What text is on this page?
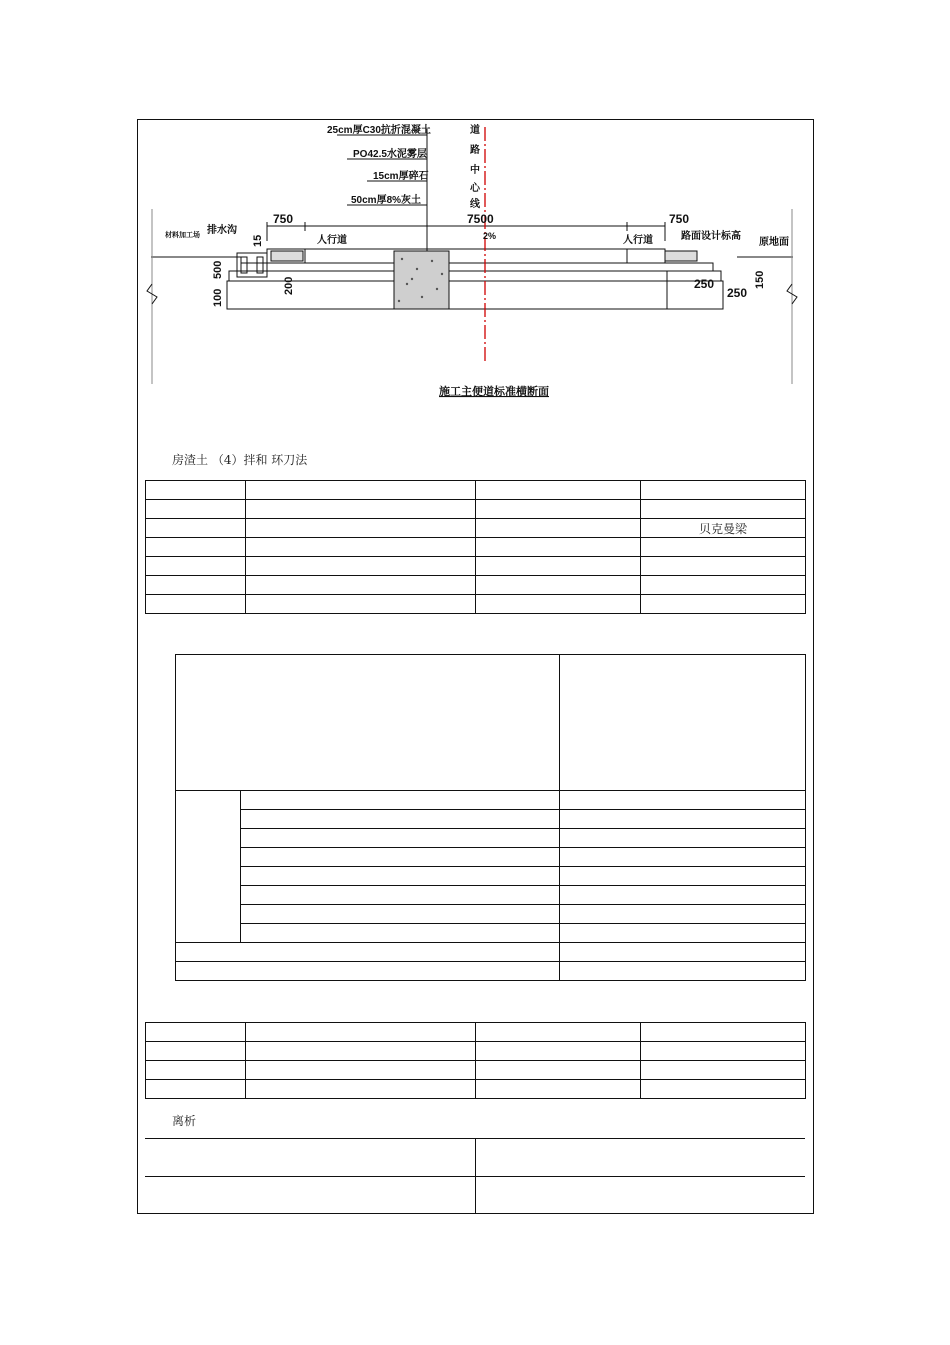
25cm厚C30抗折混凝土
PO42.5水泥雾层
15cm厚碎石
50cm厚8%灰土
750	7500	750
2%
材料加工场 排水沟
人行道	人行道	路面设计标高
原地面
250
250
15
500
100
200	150
施工主便道标准横断面
道
路
中
心
线
房渣土 （4）拌和 环刀法

			贝克曼梁

离析
